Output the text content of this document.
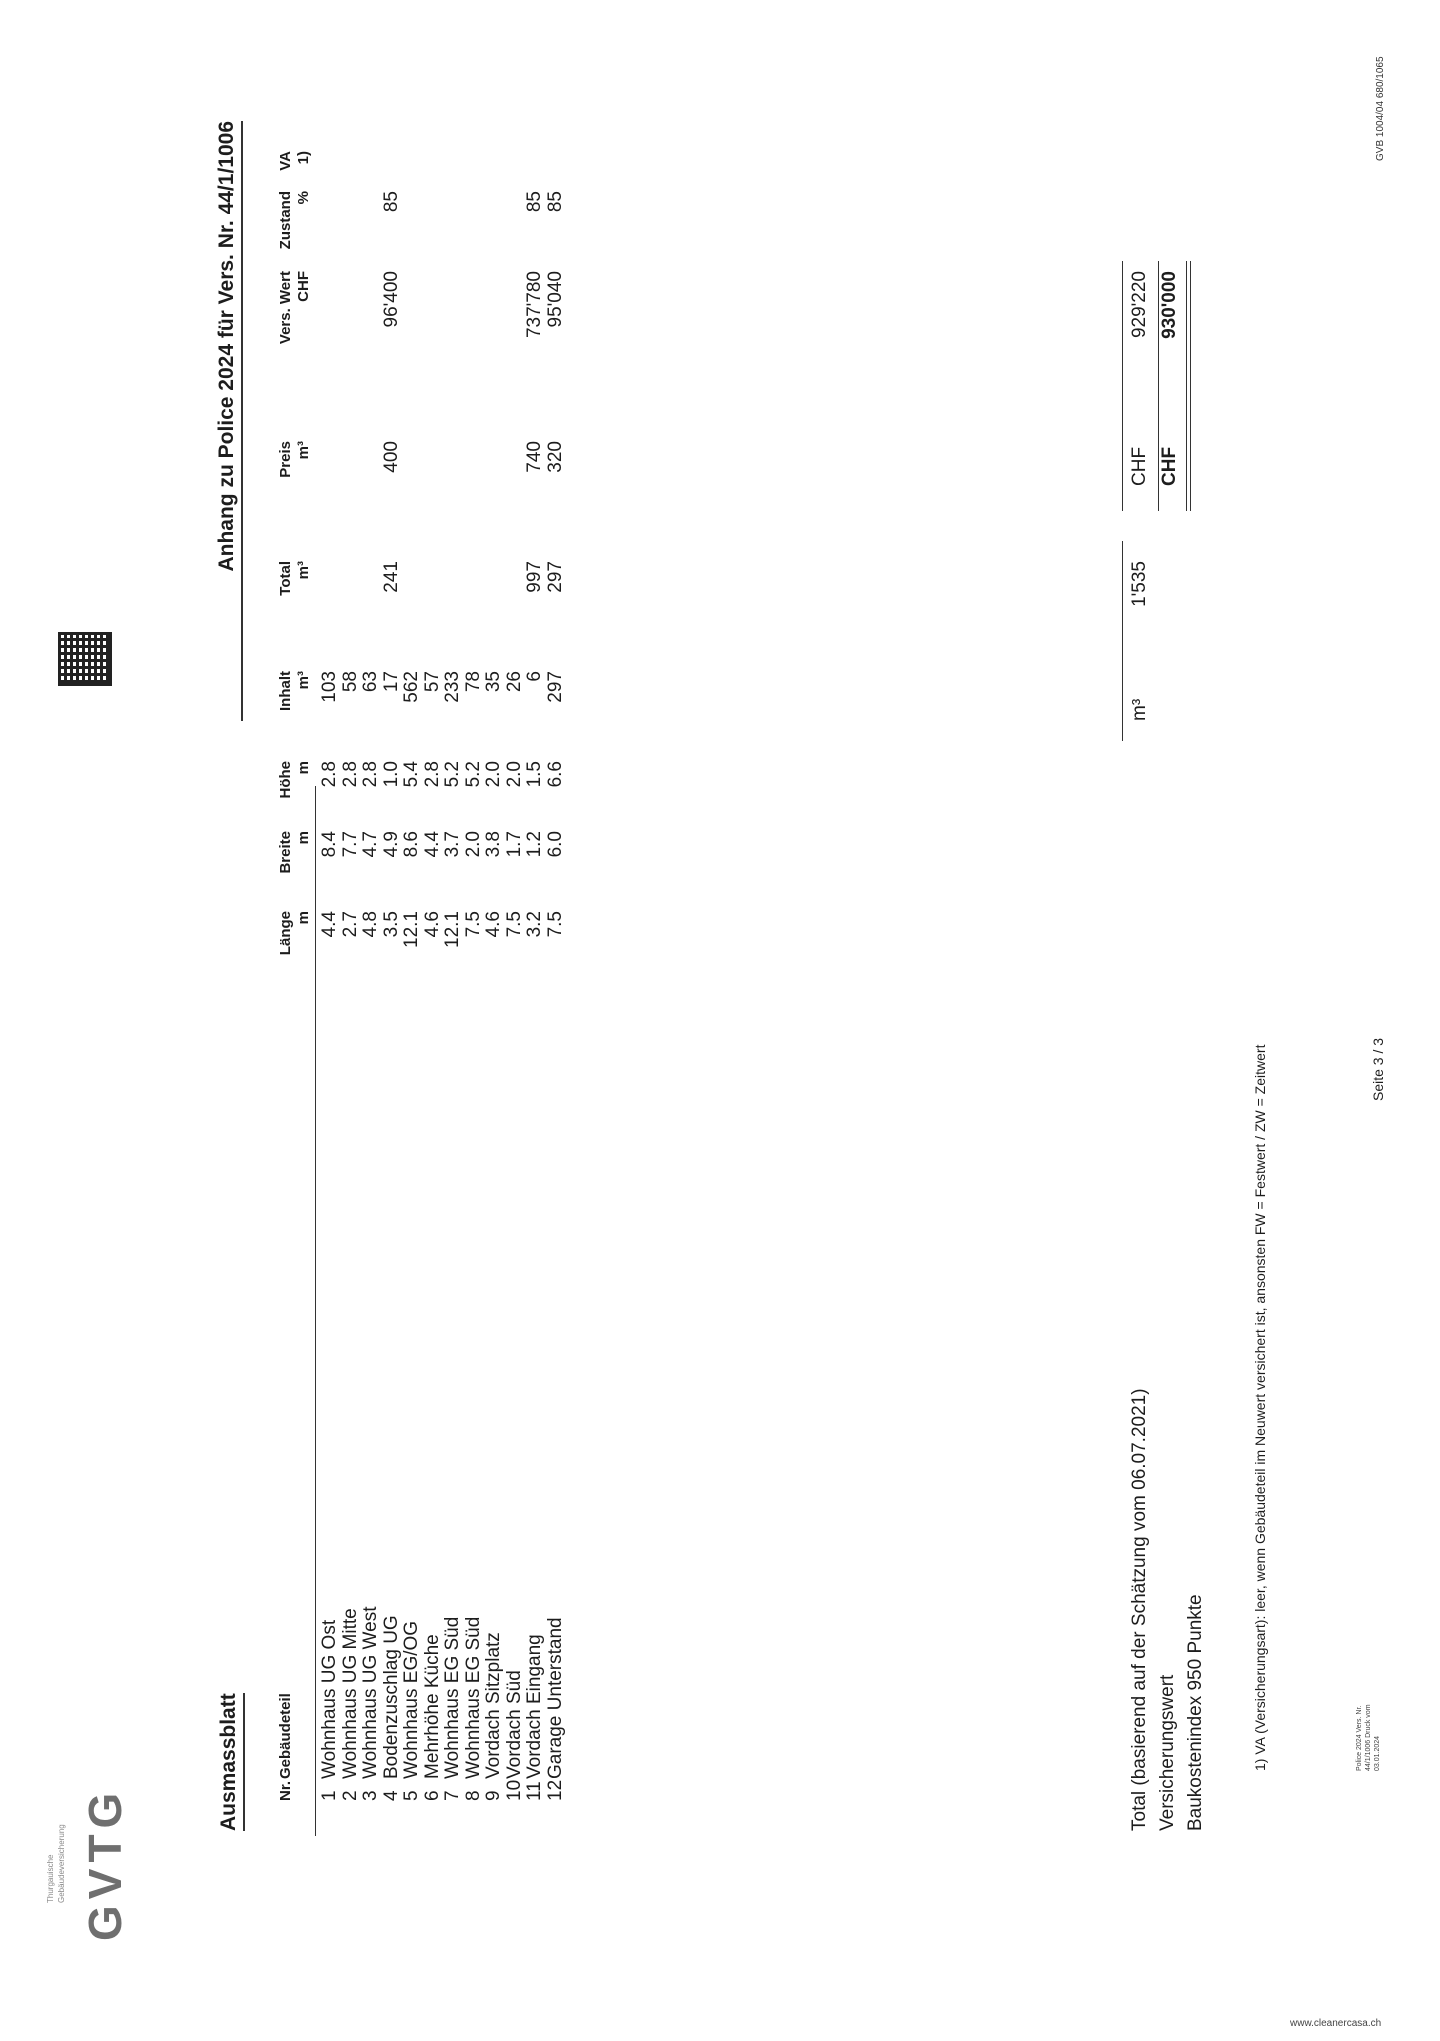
GVTG
Thurgauische Gebäudeversicherung
GVB 1004/04 680/1065
Ausmassblatt
Anhang zu Police 2024 für Vers. Nr. 44/1/1006
Nr.
Gebäudeteil
Länge m
Breite m
Höhe m
Inhalt m³
Total m³
Preis m³
Vers. Wert CHF
Zustand %
VA 1)
1
Wohnhaus UG Ost
4.4
8.4
2.8
103
2
Wohnhaus UG Mitte
2.7
7.7
2.8
58
3
Wohnhaus UG West
4.8
4.7
2.8
63
4
Bodenzuschlag UG
3.5
4.9
1.0
17
241
400
96'400
85
5
Wohnhaus EG/OG
12.1
8.6
5.4
562
6
Mehrhöhe Küche
4.6
4.4
2.8
57
7
Wohnhaus EG Süd
12.1
3.7
5.2
233
8
Wohnhaus EG Süd
7.5
2.0
5.2
78
9
Vordach Sitzplatz
4.6
3.8
2.0
35
10
Vordach Süd
7.5
1.7
2.0
26
11
Vordach Eingang
3.2
1.2
1.5
6
997
740
737'780
85
12
Garage Unterstand
7.5
6.0
6.6
297
297
320
95'040
85
Total (basierend auf der Schätzung vom 06.07.2021) Versicherungswert Baukostenindex 950 Punkte
m³
1'535
CHF
929'220
CHF
930'000
1) VA (Versicherungsart): leer, wenn Gebäudeteil im Neuwert versichert ist, ansonsten FW = Festwert / ZW = Zeitwert	Seite 3 / 3
Police 2024 Vers. Nr. 44/1/1006 Druck vom 03.01.2024
www.cleanercasa.ch
